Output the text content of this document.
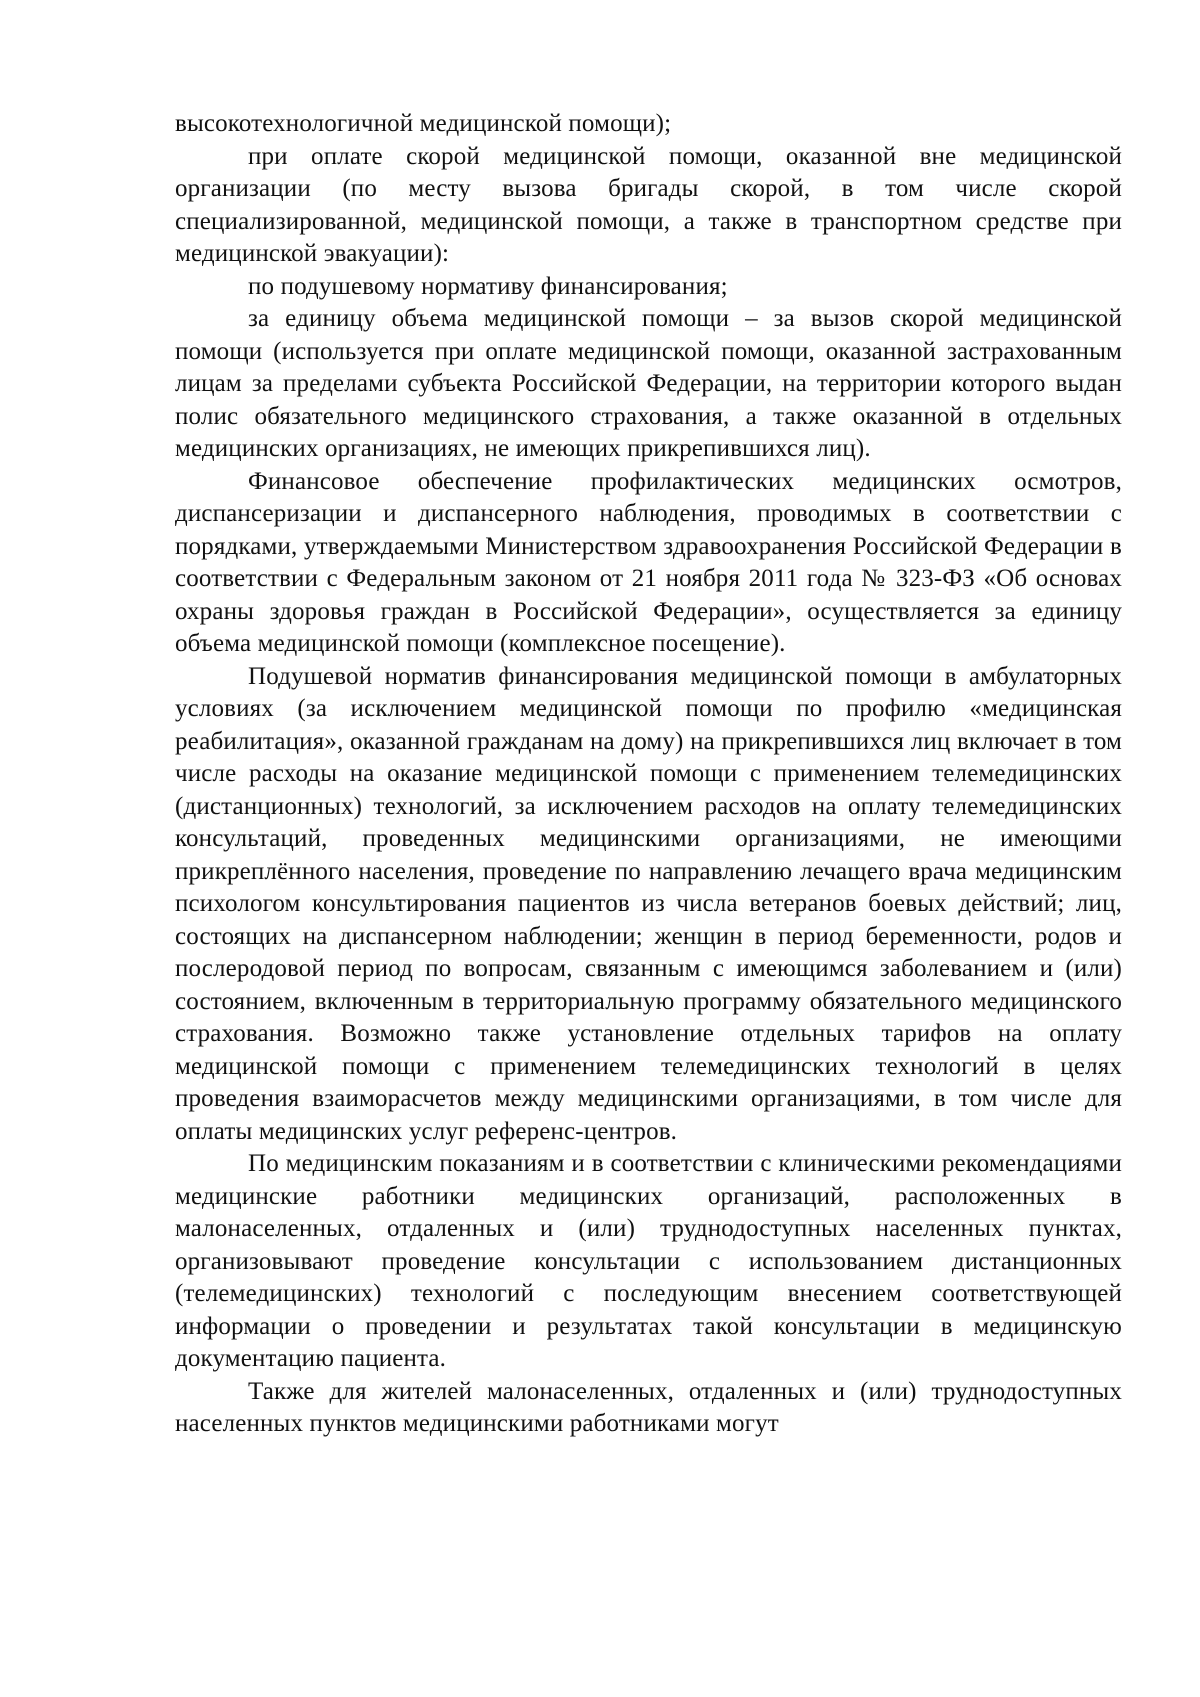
высокотехнологичной медицинской помощи);

при оплате скорой медицинской помощи, оказанной вне медицинской организации (по месту вызова бригады скорой, в том числе скорой специализированной, медицинской помощи, а также в транспортном средстве при медицинской эвакуации):

по подушевому нормативу финансирования;

за единицу объема медицинской помощи – за вызов скорой медицинской помощи (используется при оплате медицинской помощи, оказанной застрахованным лицам за пределами субъекта Российской Федерации, на территории которого выдан полис обязательного медицинского страхования, а также оказанной в отдельных медицинских организациях, не имеющих прикрепившихся лиц).

Финансовое обеспечение профилактических медицинских осмотров, диспансеризации и диспансерного наблюдения, проводимых в соответствии с порядками, утверждаемыми Министерством здравоохранения Российской Федерации в соответствии с Федеральным законом от 21 ноября 2011 года № 323-ФЗ «Об основах охраны здоровья граждан в Российской Федерации», осуществляется за единицу объема медицинской помощи (комплексное посещение).

Подушевой норматив финансирования медицинской помощи в амбулаторных условиях (за исключением медицинской помощи по профилю «медицинская реабилитация», оказанной гражданам на дому) на прикрепившихся лиц включает в том числе расходы на оказание медицинской помощи с применением телемедицинских (дистанционных) технологий, за исключением расходов на оплату телемедицинских консультаций, проведенных медицинскими организациями, не имеющими прикреплённого населения, проведение по направлению лечащего врача медицинским психологом консультирования пациентов из числа ветеранов боевых действий; лиц, состоящих на диспансерном наблюдении; женщин в период беременности, родов и послеродовой период по вопросам, связанным с имеющимся заболеванием и (или) состоянием, включенным в территориальную программу обязательного медицинского страхования. Возможно также установление отдельных тарифов на оплату медицинской помощи с применением телемедицинских технологий в целях проведения взаиморасчетов между медицинскими организациями, в том числе для оплаты медицинских услуг референс-центров.

По медицинским показаниям и в соответствии с клиническими рекомендациями медицинские работники медицинских организаций, расположенных в малонаселенных, отдаленных и (или) труднодоступных населенных пунктах, организовывают проведение консультации с использованием дистанционных (телемедицинских) технологий с последующим внесением соответствующей информации о проведении и результатах такой консультации в медицинскую документацию пациента.

Также для жителей малонаселенных, отдаленных и (или) труднодоступных населенных пунктов медицинскими работниками могут
